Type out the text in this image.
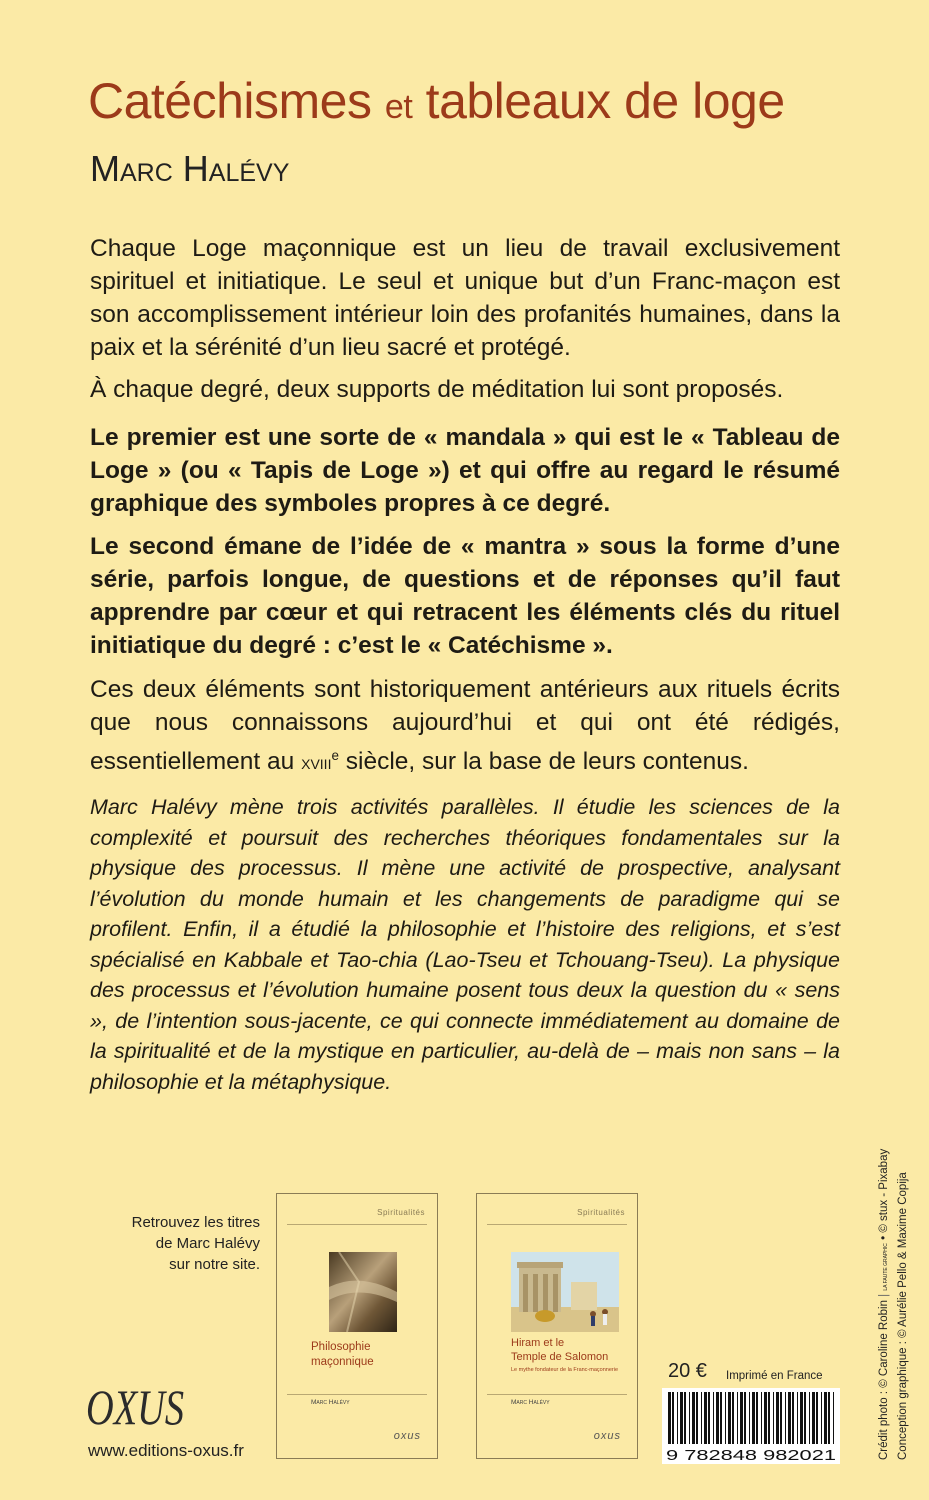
Catéchismes et tableaux de loge
Marc Halévy

Chaque Loge maçonnique est un lieu de travail exclusivement spirituel et initiatique. Le seul et unique but d’un Franc-maçon est son accomplissement intérieur loin des profanités humaines, dans la paix et la sérénité d’un lieu sacré et protégé.

À chaque degré, deux supports de méditation lui sont proposés.

Le premier est une sorte de « mandala » qui est le « Tableau de Loge » (ou « Tapis de Loge ») et qui offre au regard le résumé graphique des symboles propres à ce degré.

Le second émane de l’idée de « mantra » sous la forme d’une série, parfois longue, de questions et de réponses qu’il faut apprendre par cœur et qui retracent les éléments clés du rituel initiatique du degré : c’est le « Catéchisme ».

Ces deux éléments sont historiquement antérieurs aux rituels écrits que nous connaissons aujourd’hui et qui ont été rédigés, essentiellement au xviii$^e$ siècle, sur la base de leurs contenus.

Marc Halévy mène trois activités parallèles. Il étudie les sciences de la complexité et poursuit des recherches théoriques fondamentales sur la physique des processus. Il mène une activité de prospective, analysant l’évolution du monde humain et les changements de paradigme qui se profilent. Enfin, il a étudié la philosophie et l’histoire des religions, et s’est spécialisé en Kabbale et Tao-chia (Lao-Tseu et Tchouang-Tseu). La physique des processus et l’évolution humaine posent tous deux la question du « sens », de l’intention sous-jacente, ce qui connecte immédiatement au domaine de la spiritualité et de la mystique en particulier, au-delà de – mais non sans – la philosophie et la métaphysique.

Retrouvez les titres
de Marc Halévy
sur notre site.

Spiritualités
Philosophie
maçonnique
Marc Halévy
oxus
Spiritualités
Hiram et le
Temple de Salomon
Le mythe fondateur de la Franc-maçonnerie
Marc Halévy
oxus
OXUS

www.editions-oxus.fr

20 € Imprimé en France
9 782848 982021	Crédit photo : © Caroline Robin | LA FAUTE GRAPHIC • © stux - Pixabay Conception graphique : © Aurélie Pello & Maxime Copija
